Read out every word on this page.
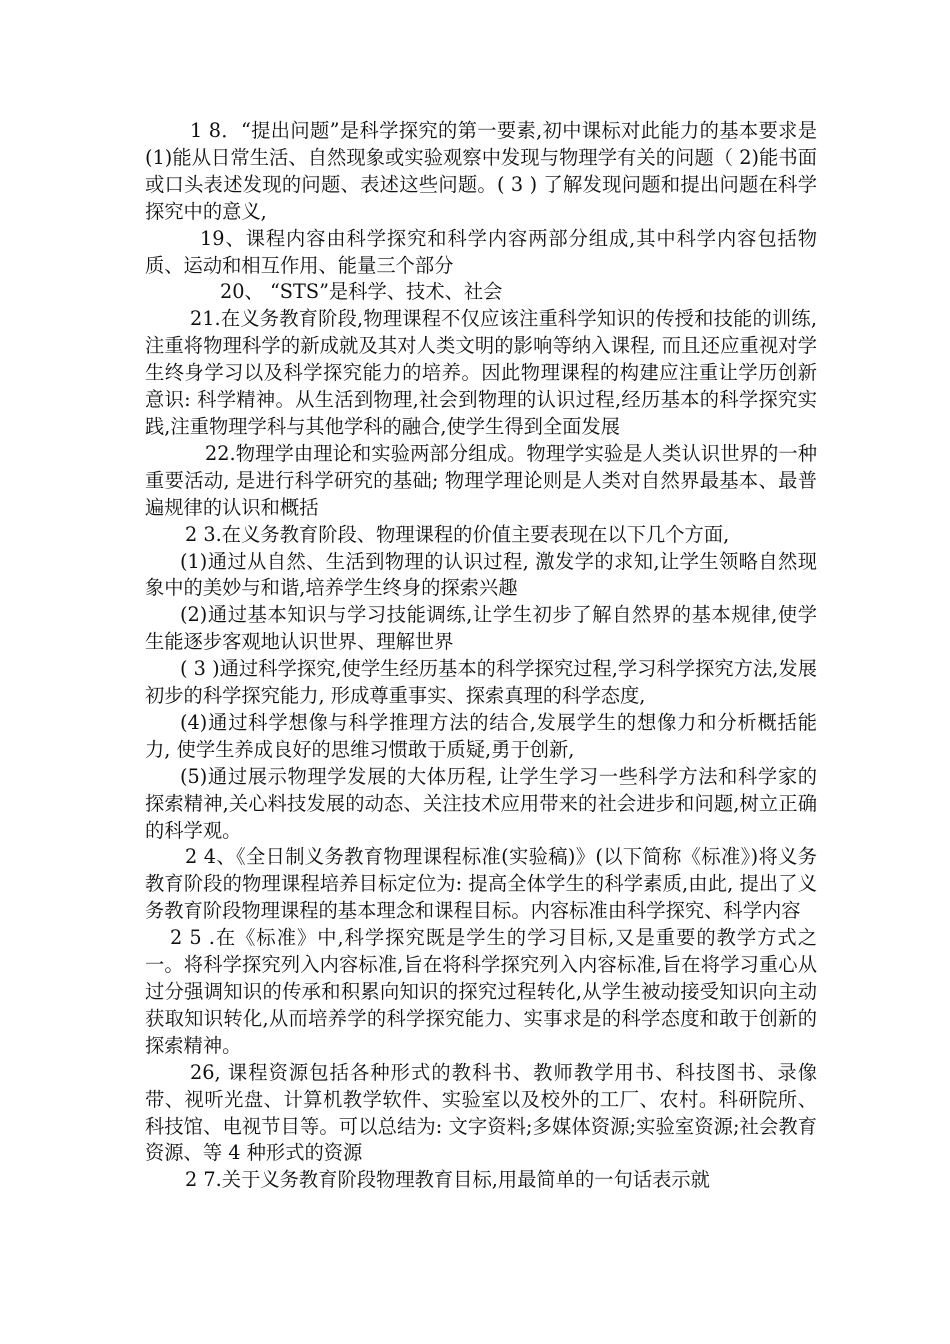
1 8．“提出问题”是科学探究的第一要素,初中课标对此能力的基本要求是(1)能从日常生活、自然现象或实验观察中发现与物理学有关的问题（ 2)能书面或口头表述发现的问题、表述这些问题。( 3 ) 了解发现问题和提出问题在科学探究中的意义,

19、课程内容由科学探究和科学内容两部分组成,其中科学内容包括物质、运动和相互作用、能量三个部分

20、 “STS”是科学、技术、社会

21.在义务教育阶段,物理课程不仅应该注重科学知识的传授和技能的训练,注重将物理科学的新成就及其对人类文明的影响等纳入课程, 而且还应重视对学生终身学习以及科学探究能力的培养。因此物理课程的构建应注重让学历创新意识: 科学精神。从生活到物理,社会到物理的认识过程,经历基本的科学探究实践,注重物理学科与其他学科的融合,使学生得到全面发展

22.物理学由理论和实验两部分组成。物理学实验是人类认识世界的一种重要活动, 是进行科学研究的基础; 物理学理论则是人类对自然界最基本、最普遍规律的认识和概括

2 3.在义务教育阶段、物理课程的价值主要表现在以下几个方面,

(1)通过从自然、生活到物理的认识过程, 激发学的求知,让学生领略自然现象中的美妙与和谐,培养学生终身的探索兴趣

(2)通过基本知识与学习技能调练,让学生初步了解自然界的基本规律,使学生能逐步客观地认识世界、理解世界

( 3 )通过科学探究,使学生经历基本的科学探究过程,学习科学探究方法,发展初步的科学探究能力, 形成尊重事实、探索真理的科学态度,

(4)通过科学想像与科学推理方法的结合,发展学生的想像力和分析概括能力, 使学生养成良好的思维习惯敢于质疑,勇于创新,

(5)通过展示物理学发展的大体历程, 让学生学习一些科学方法和科学家的探索精神,关心料技发展的动态、关注技术应用带来的社会进步和问题,树立正确的科学观。

2 4、《全日制义务教育物理课程标准(实验稿)》(以下简称《标准》)将义务教育阶段的物理课程培养目标定位为: 提高全体学生的科学素质,由此, 提出了义务教育阶段物理课程的基本理念和课程目标。内容标准由科学探究、科学内容

2 5 .在《标准》中,科学探究既是学生的学习目标,又是重要的教学方式之一。将科学探究列入内容标准,旨在将科学探究列入内容标准,旨在将学习重心从过分强调知识的传承和积累向知识的探究过程转化,从学生被动接受知识向主动获取知识转化,从而培养学的科学探究能力、实事求是的科学态度和敢于创新的探索精神。

26, 课程资源包括各种形式的教科书、教师教学用书、科技图书、录像带、视听光盘、计算机教学软件、实验室以及校外的工厂、农村。科研院所、科技馆、电视节目等。可以总结为: 文字资料;多媒体资源;实验室资源;社会教育资源、等 4 种形式的资源

2 7.关于义务教育阶段物理教育目标,用最简单的一句话表示就
